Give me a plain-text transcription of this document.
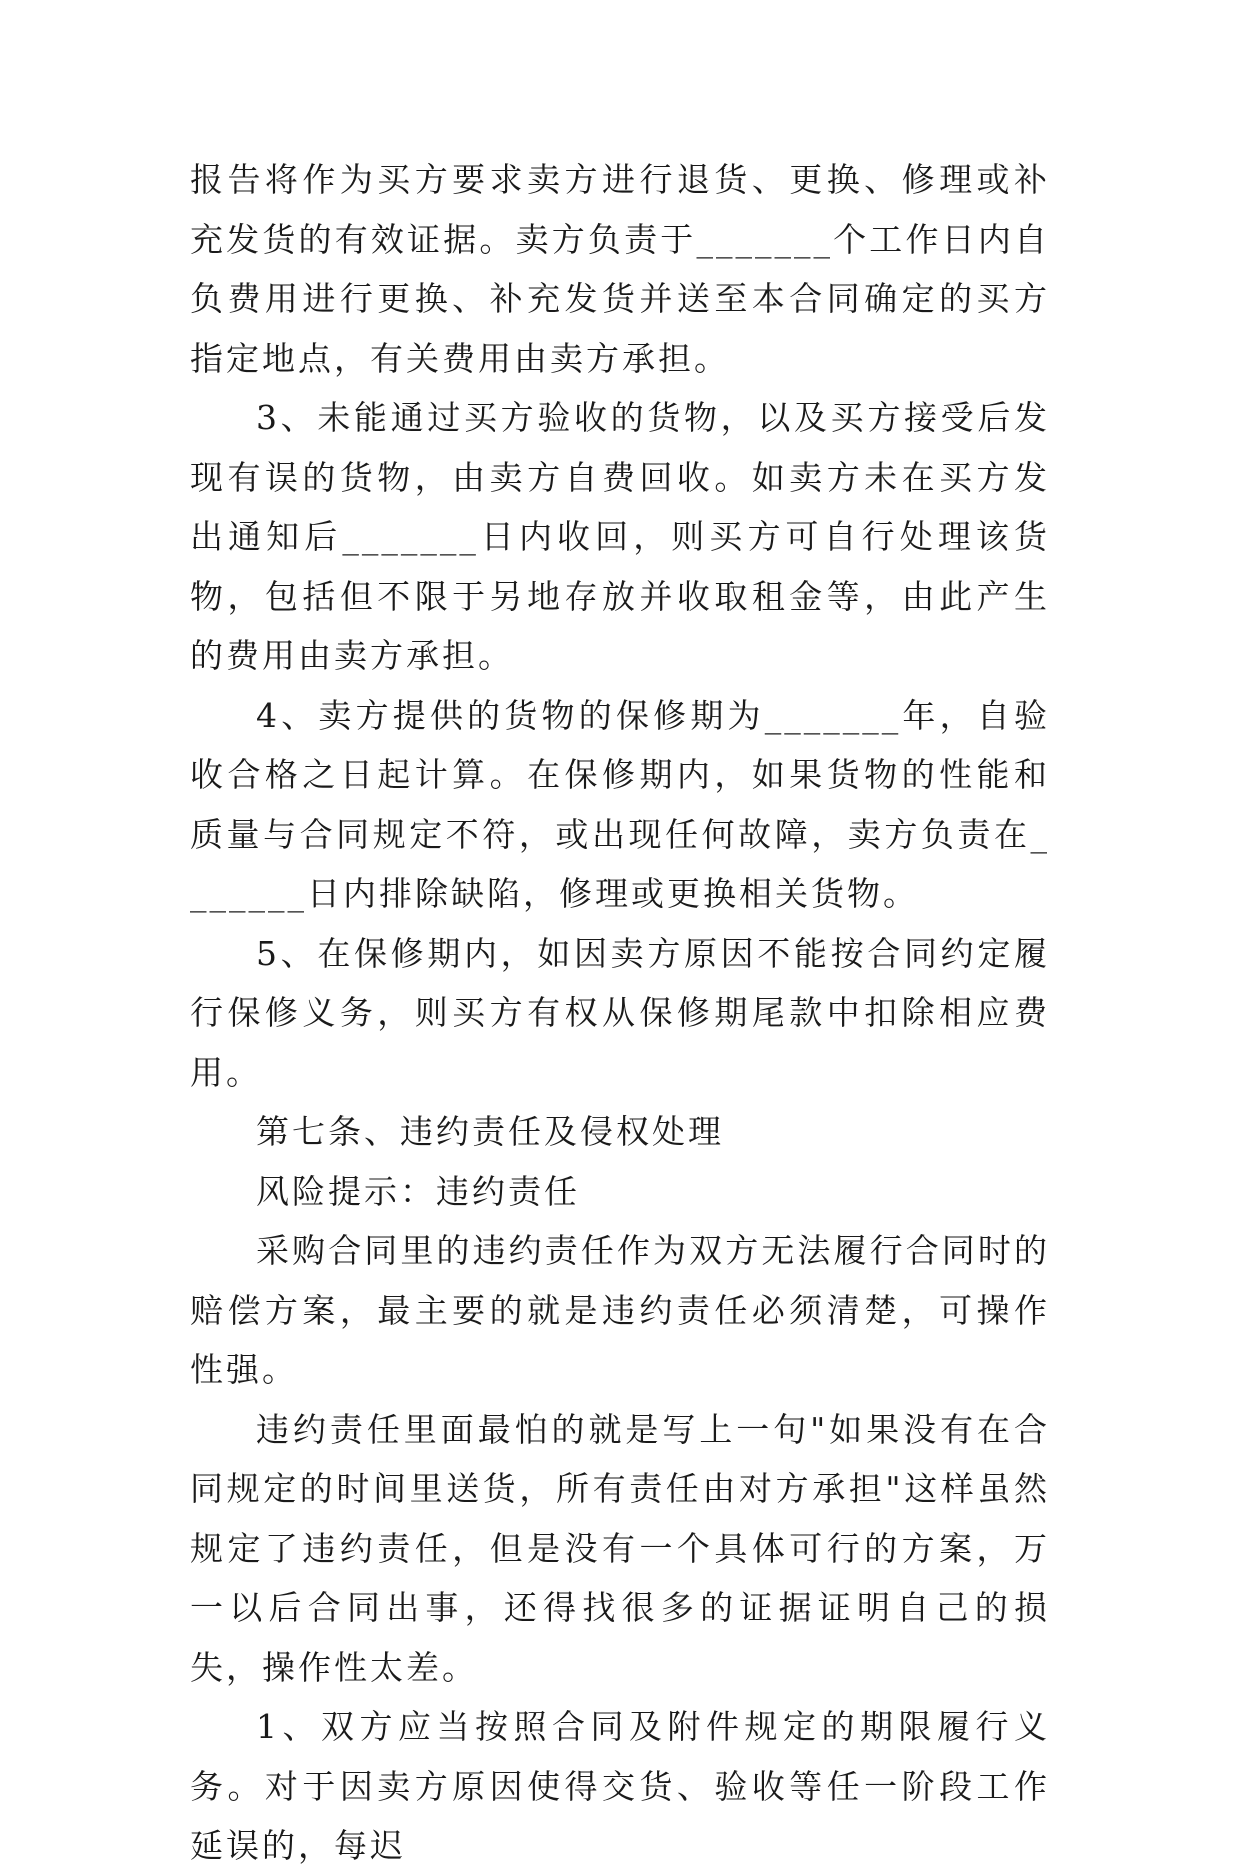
报告将作为买方要求卖方进行退货、更换、修理或补充发货的有效证据。卖方负责于_______个工作日内自负费用进行更换、补充发货并送至本合同确定的买方指定地点，有关费用由卖方承担。

3、未能通过买方验收的货物，以及买方接受后发现有误的货物，由卖方自费回收。如卖方未在买方发出通知后_______日内收回，则买方可自行处理该货物，包括但不限于另地存放并收取租金等，由此产生的费用由卖方承担。

4、卖方提供的货物的保修期为_______年，自验收合格之日起计算。在保修期内，如果货物的性能和质量与合同规定不符，或出现任何故障，卖方负责在_______日内排除缺陷，修理或更换相关货物。

5、在保修期内，如因卖方原因不能按合同约定履行保修义务，则买方有权从保修期尾款中扣除相应费用。

第七条、违约责任及侵权处理

风险提示：违约责任

采购合同里的违约责任作为双方无法履行合同时的赔偿方案，最主要的就是违约责任必须清楚，可操作性强。

违约责任里面最怕的就是写上一句"如果没有在合同规定的时间里送货，所有责任由对方承担"这样虽然规定了违约责任，但是没有一个具体可行的方案，万一以后合同出事，还得找很多的证据证明自己的损失，操作性太差。

1、双方应当按照合同及附件规定的期限履行义务。对于因卖方原因使得交货、验收等任一阶段工作延误的，每迟
